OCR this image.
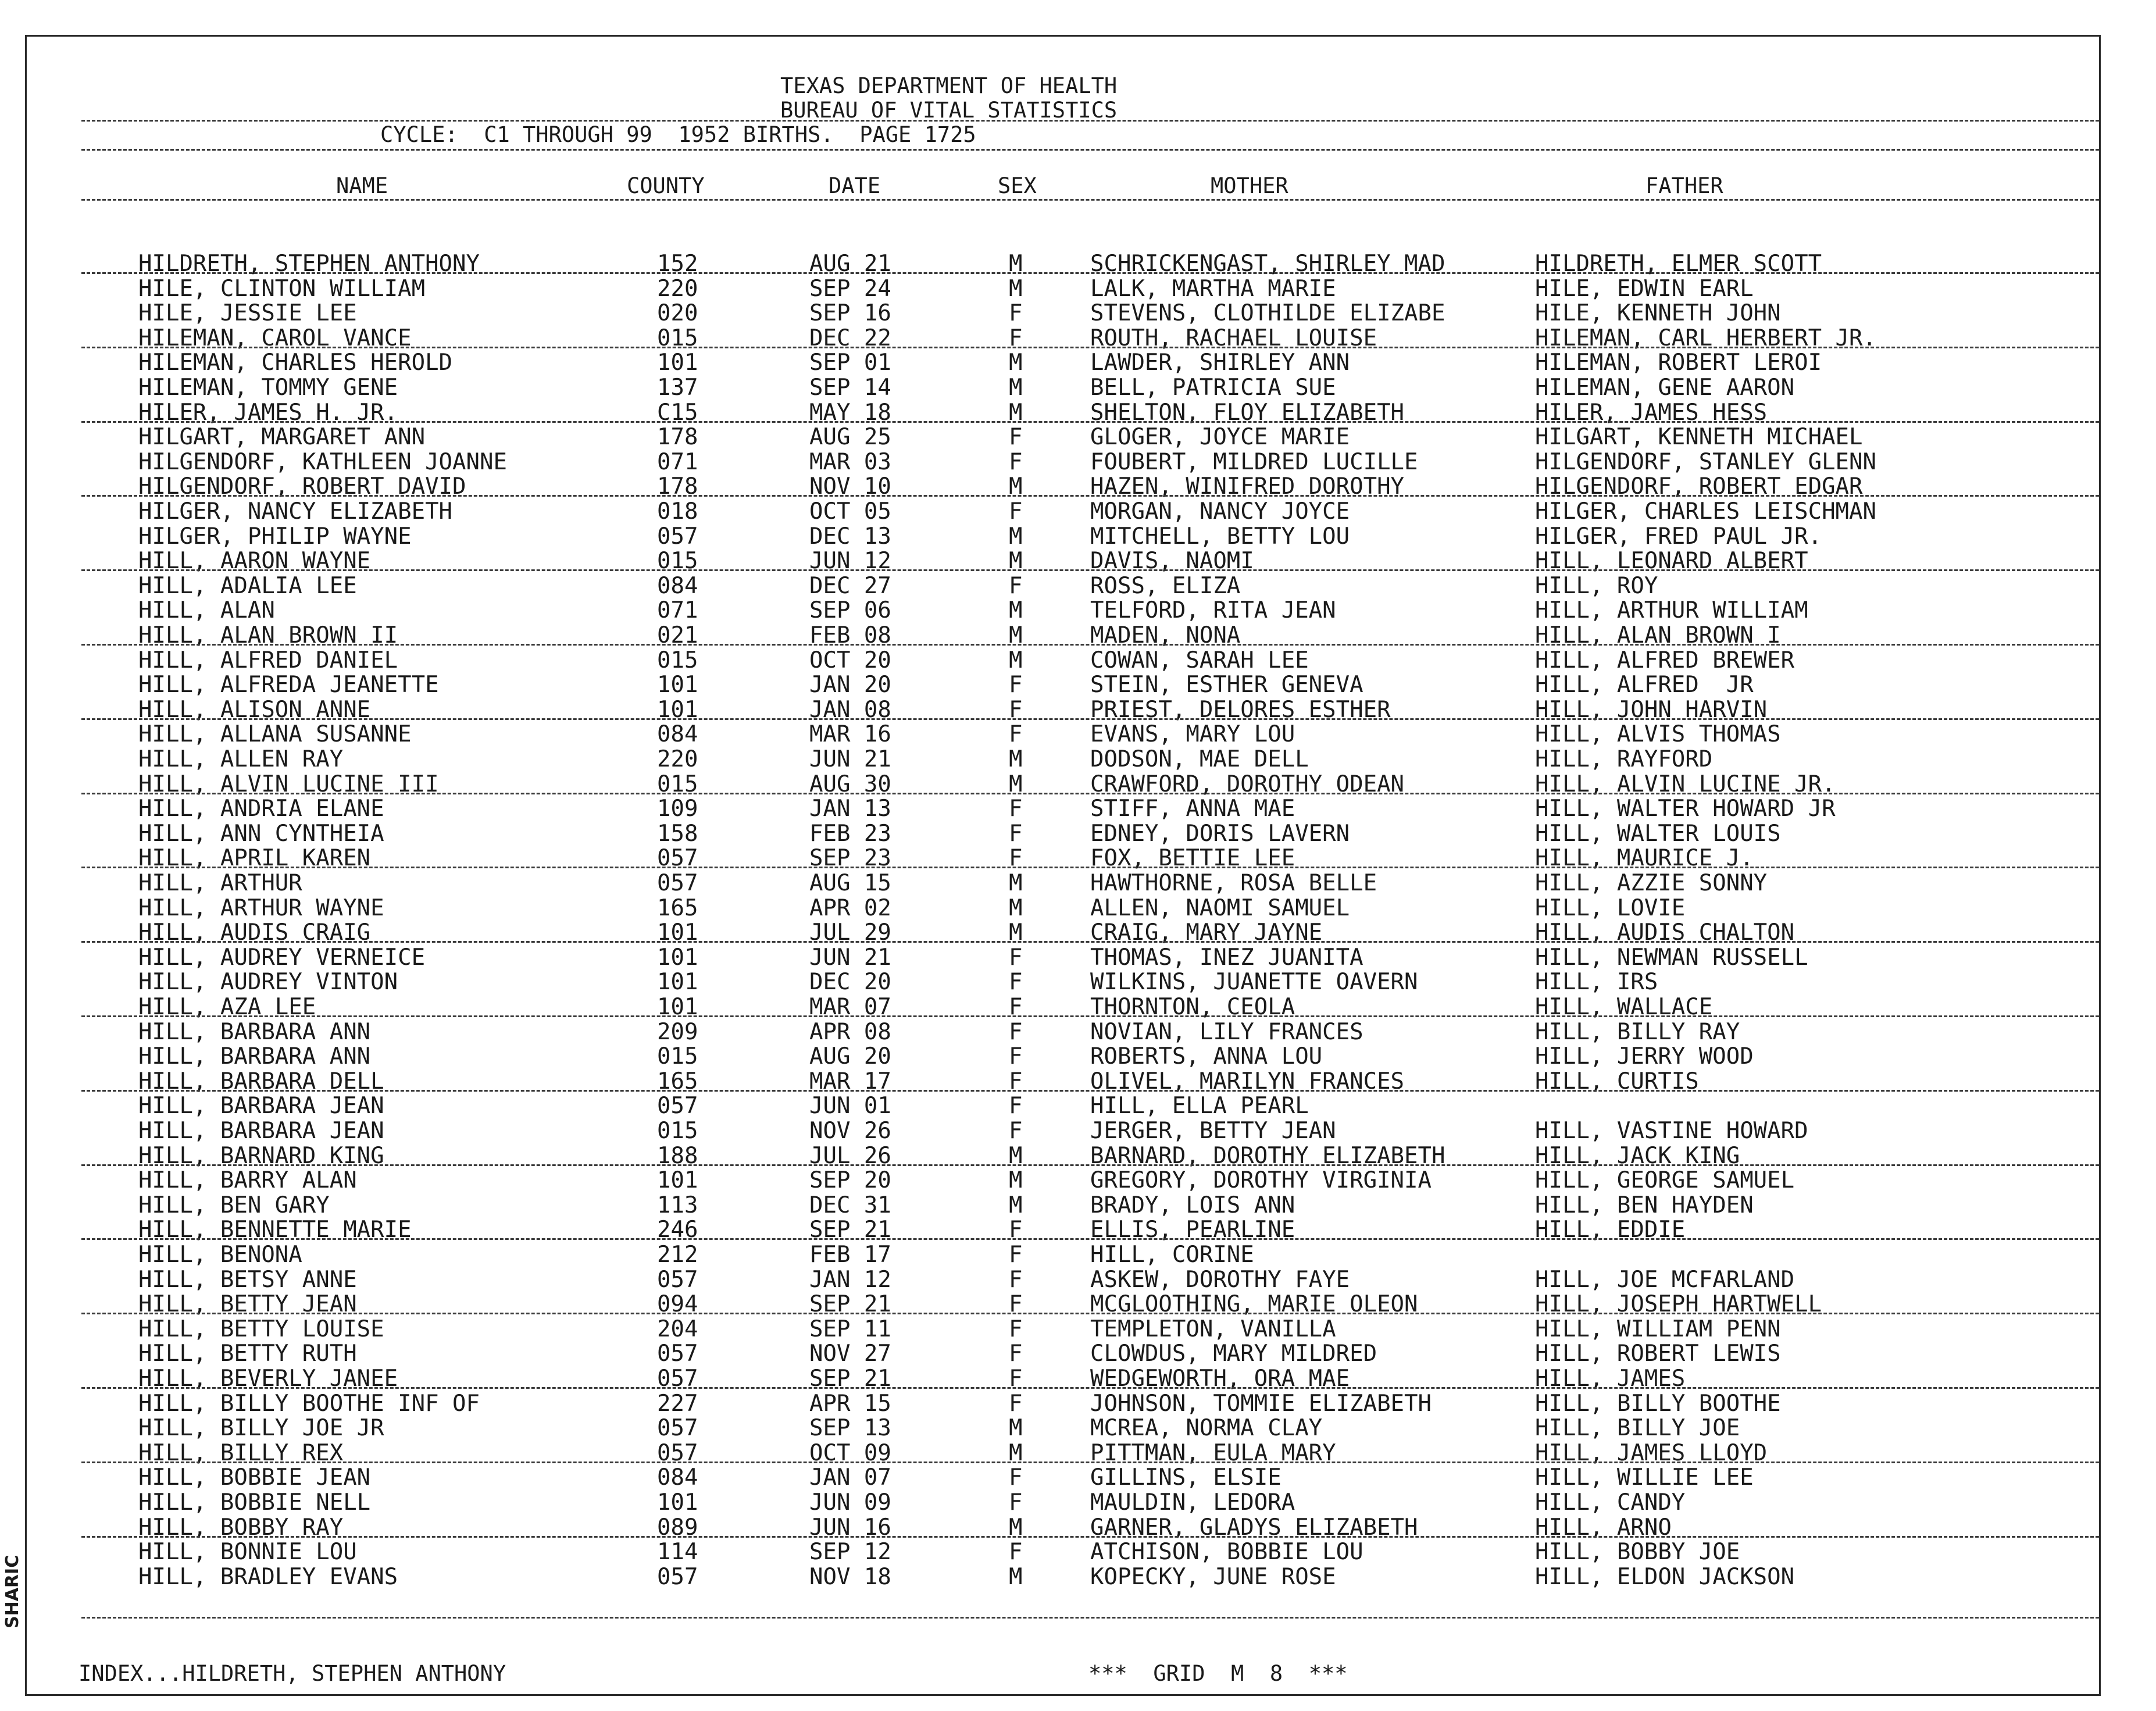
TEXAS DEPARTMENT OF HEALTH
BUREAU OF VITAL STATISTICS
CYCLE:  C1 THROUGH 99  1952 BIRTHS.  PAGE 1725
NAME	COUNTY	DATE	SEX	MOTHER	FATHER
HILDRETH, STEPHEN ANTHONY	152	AUG 21	M	SCHRICKENGAST, SHIRLEY MAD	HILDRETH, ELMER SCOTT
HILE, CLINTON WILLIAM	220	SEP 24	M	LALK, MARTHA MARIE	HILE, EDWIN EARL
HILE, JESSIE LEE	020	SEP 16	F	STEVENS, CLOTHILDE ELIZABE	HILE, KENNETH JOHN
HILEMAN, CAROL VANCE	015	DEC 22	F	ROUTH, RACHAEL LOUISE	HILEMAN, CARL HERBERT JR.
HILEMAN, CHARLES HEROLD	101	SEP 01	M	LAWDER, SHIRLEY ANN	HILEMAN, ROBERT LEROI
HILEMAN, TOMMY GENE	137	SEP 14	M	BELL, PATRICIA SUE	HILEMAN, GENE AARON
HILER, JAMES H. JR.	C15	MAY 18	M	SHELTON, FLOY ELIZABETH	HILER, JAMES HESS
HILGART, MARGARET ANN	178	AUG 25	F	GLOGER, JOYCE MARIE	HILGART, KENNETH MICHAEL
HILGENDORF, KATHLEEN JOANNE	071	MAR 03	F	FOUBERT, MILDRED LUCILLE	HILGENDORF, STANLEY GLENN
HILGENDORF, ROBERT DAVID	178	NOV 10	M	HAZEN, WINIFRED DOROTHY	HILGENDORF, ROBERT EDGAR
HILGER, NANCY ELIZABETH	018	OCT 05	F	MORGAN, NANCY JOYCE	HILGER, CHARLES LEISCHMAN
HILGER, PHILIP WAYNE	057	DEC 13	M	MITCHELL, BETTY LOU	HILGER, FRED PAUL JR.
HILL, AARON WAYNE	015	JUN 12	M	DAVIS, NAOMI	HILL, LEONARD ALBERT
HILL, ADALIA LEE	084	DEC 27	F	ROSS, ELIZA	HILL, ROY
HILL, ALAN	071	SEP 06	M	TELFORD, RITA JEAN	HILL, ARTHUR WILLIAM
HILL, ALAN BROWN II	021	FEB 08	M	MADEN, NONA	HILL, ALAN BROWN I
HILL, ALFRED DANIEL	015	OCT 20	M	COWAN, SARAH LEE	HILL, ALFRED BREWER
HILL, ALFREDA JEANETTE	101	JAN 20	F	STEIN, ESTHER GENEVA	HILL, ALFRED  JR
HILL, ALISON ANNE	101	JAN 08	F	PRIEST, DELORES ESTHER	HILL, JOHN HARVIN
HILL, ALLANA SUSANNE	084	MAR 16	F	EVANS, MARY LOU	HILL, ALVIS THOMAS
HILL, ALLEN RAY	220	JUN 21	M	DODSON, MAE DELL	HILL, RAYFORD
HILL, ALVIN LUCINE III	015	AUG 30	M	CRAWFORD, DOROTHY ODEAN	HILL, ALVIN LUCINE JR.
HILL, ANDRIA ELANE	109	JAN 13	F	STIFF, ANNA MAE	HILL, WALTER HOWARD JR
HILL, ANN CYNTHEIA	158	FEB 23	F	EDNEY, DORIS LAVERN	HILL, WALTER LOUIS
HILL, APRIL KAREN	057	SEP 23	F	FOX, BETTIE LEE	HILL, MAURICE J.
HILL, ARTHUR	057	AUG 15	M	HAWTHORNE, ROSA BELLE	HILL, AZZIE SONNY
HILL, ARTHUR WAYNE	165	APR 02	M	ALLEN, NAOMI SAMUEL	HILL, LOVIE
HILL, AUDIS CRAIG	101	JUL 29	M	CRAIG, MARY JAYNE	HILL, AUDIS CHALTON
HILL, AUDREY VERNEICE	101	JUN 21	F	THOMAS, INEZ JUANITA	HILL, NEWMAN RUSSELL
HILL, AUDREY VINTON	101	DEC 20	F	WILKINS, JUANETTE OAVERN	HILL, IRS
HILL, AZA LEE	101	MAR 07	F	THORNTON, CEOLA	HILL, WALLACE
HILL, BARBARA ANN	209	APR 08	F	NOVIAN, LILY FRANCES	HILL, BILLY RAY
HILL, BARBARA ANN	015	AUG 20	F	ROBERTS, ANNA LOU	HILL, JERRY WOOD
HILL, BARBARA DELL	165	MAR 17	F	OLIVEL, MARILYN FRANCES	HILL, CURTIS
HILL, BARBARA JEAN	057	JUN 01	F	HILL, ELLA PEARL
HILL, BARBARA JEAN	015	NOV 26	F	JERGER, BETTY JEAN	HILL, VASTINE HOWARD
HILL, BARNARD KING	188	JUL 26	M	BARNARD, DOROTHY ELIZABETH	HILL, JACK KING
HILL, BARRY ALAN	101	SEP 20	M	GREGORY, DOROTHY VIRGINIA	HILL, GEORGE SAMUEL
HILL, BEN GARY	113	DEC 31	M	BRADY, LOIS ANN	HILL, BEN HAYDEN
HILL, BENNETTE MARIE	246	SEP 21	F	ELLIS, PEARLINE	HILL, EDDIE
HILL, BENONA	212	FEB 17	F	HILL, CORINE
HILL, BETSY ANNE	057	JAN 12	F	ASKEW, DOROTHY FAYE	HILL, JOE MCFARLAND
HILL, BETTY JEAN	094	SEP 21	F	MCGLOOTHING, MARIE OLEON	HILL, JOSEPH HARTWELL
HILL, BETTY LOUISE	204	SEP 11	F	TEMPLETON, VANILLA	HILL, WILLIAM PENN
HILL, BETTY RUTH	057	NOV 27	F	CLOWDUS, MARY MILDRED	HILL, ROBERT LEWIS
HILL, BEVERLY JANEE	057	SEP 21	F	WEDGEWORTH, ORA MAE	HILL, JAMES
HILL, BILLY BOOTHE INF OF	227	APR 15	F	JOHNSON, TOMMIE ELIZABETH	HILL, BILLY BOOTHE
HILL, BILLY JOE JR	057	SEP 13	M	MCREA, NORMA CLAY	HILL, BILLY JOE
HILL, BILLY REX	057	OCT 09	M	PITTMAN, EULA MARY	HILL, JAMES LLOYD
HILL, BOBBIE JEAN	084	JAN 07	F	GILLINS, ELSIE	HILL, WILLIE LEE
HILL, BOBBIE NELL	101	JUN 09	F	MAULDIN, LEDORA	HILL, CANDY
HILL, BOBBY RAY	089	JUN 16	M	GARNER, GLADYS ELIZABETH	HILL, ARNO
HILL, BONNIE LOU	114	SEP 12	F	ATCHISON, BOBBIE LOU	HILL, BOBBY JOE
HILL, BRADLEY EVANS	057	NOV 18	M	KOPECKY, JUNE ROSE	HILL, ELDON JACKSON
INDEX...HILDRETH, STEPHEN ANTHONY	***  GRID  M  8  ***
SHARIC
